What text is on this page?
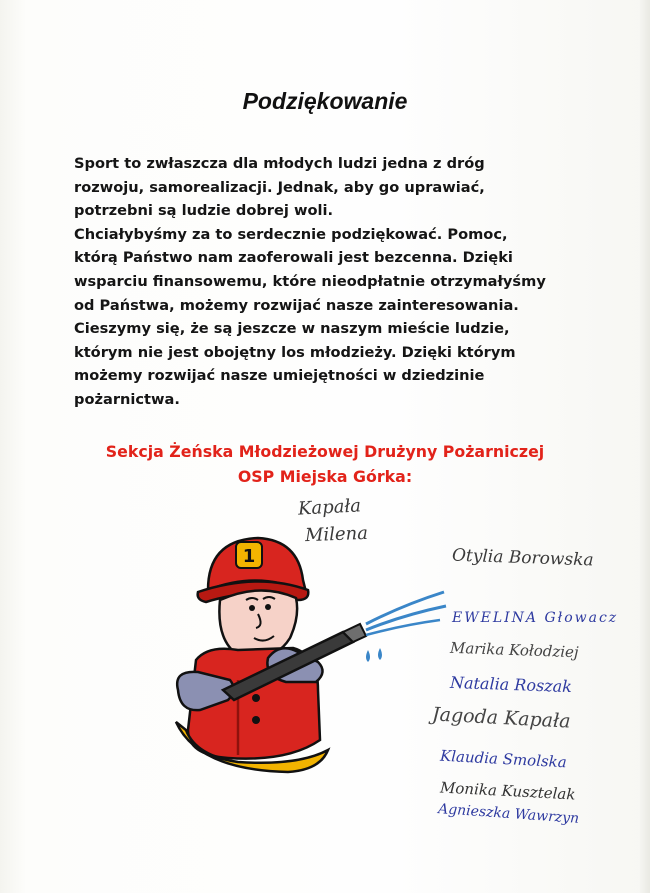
Podziękowanie
Sport to zwłaszcza dla młodych ludzi jedna z dróg
rozwoju, samorealizacji. Jednak, aby go uprawiać,
potrzebni są ludzie dobrej woli.
Chciałybyśmy za to serdecznie podziękować. Pomoc,
którą Państwo nam zaoferowali jest bezcenna. Dzięki
wsparciu finansowemu, które nieodpłatnie otrzymałyśmy
od Państwa, możemy rozwijać nasze zainteresowania.
Cieszymy się, że są jeszcze w naszym mieście ludzie,
którym nie jest obojętny los młodzieży. Dzięki którym
możemy rozwijać nasze umiejętności w dziedzinie
pożarnictwa.
Sekcja Żeńska Młodzieżowej Drużyny Pożarniczej
OSP Miejska Górka:
1
Kapała
Milena
Otylia Borowska
EWELINA Głowacz
Marika Kołodziej
Natalia Roszak
Jagoda Kapała
Klaudia Smolska
Monika Kusztelak
Agnieszka Wawrzyn
